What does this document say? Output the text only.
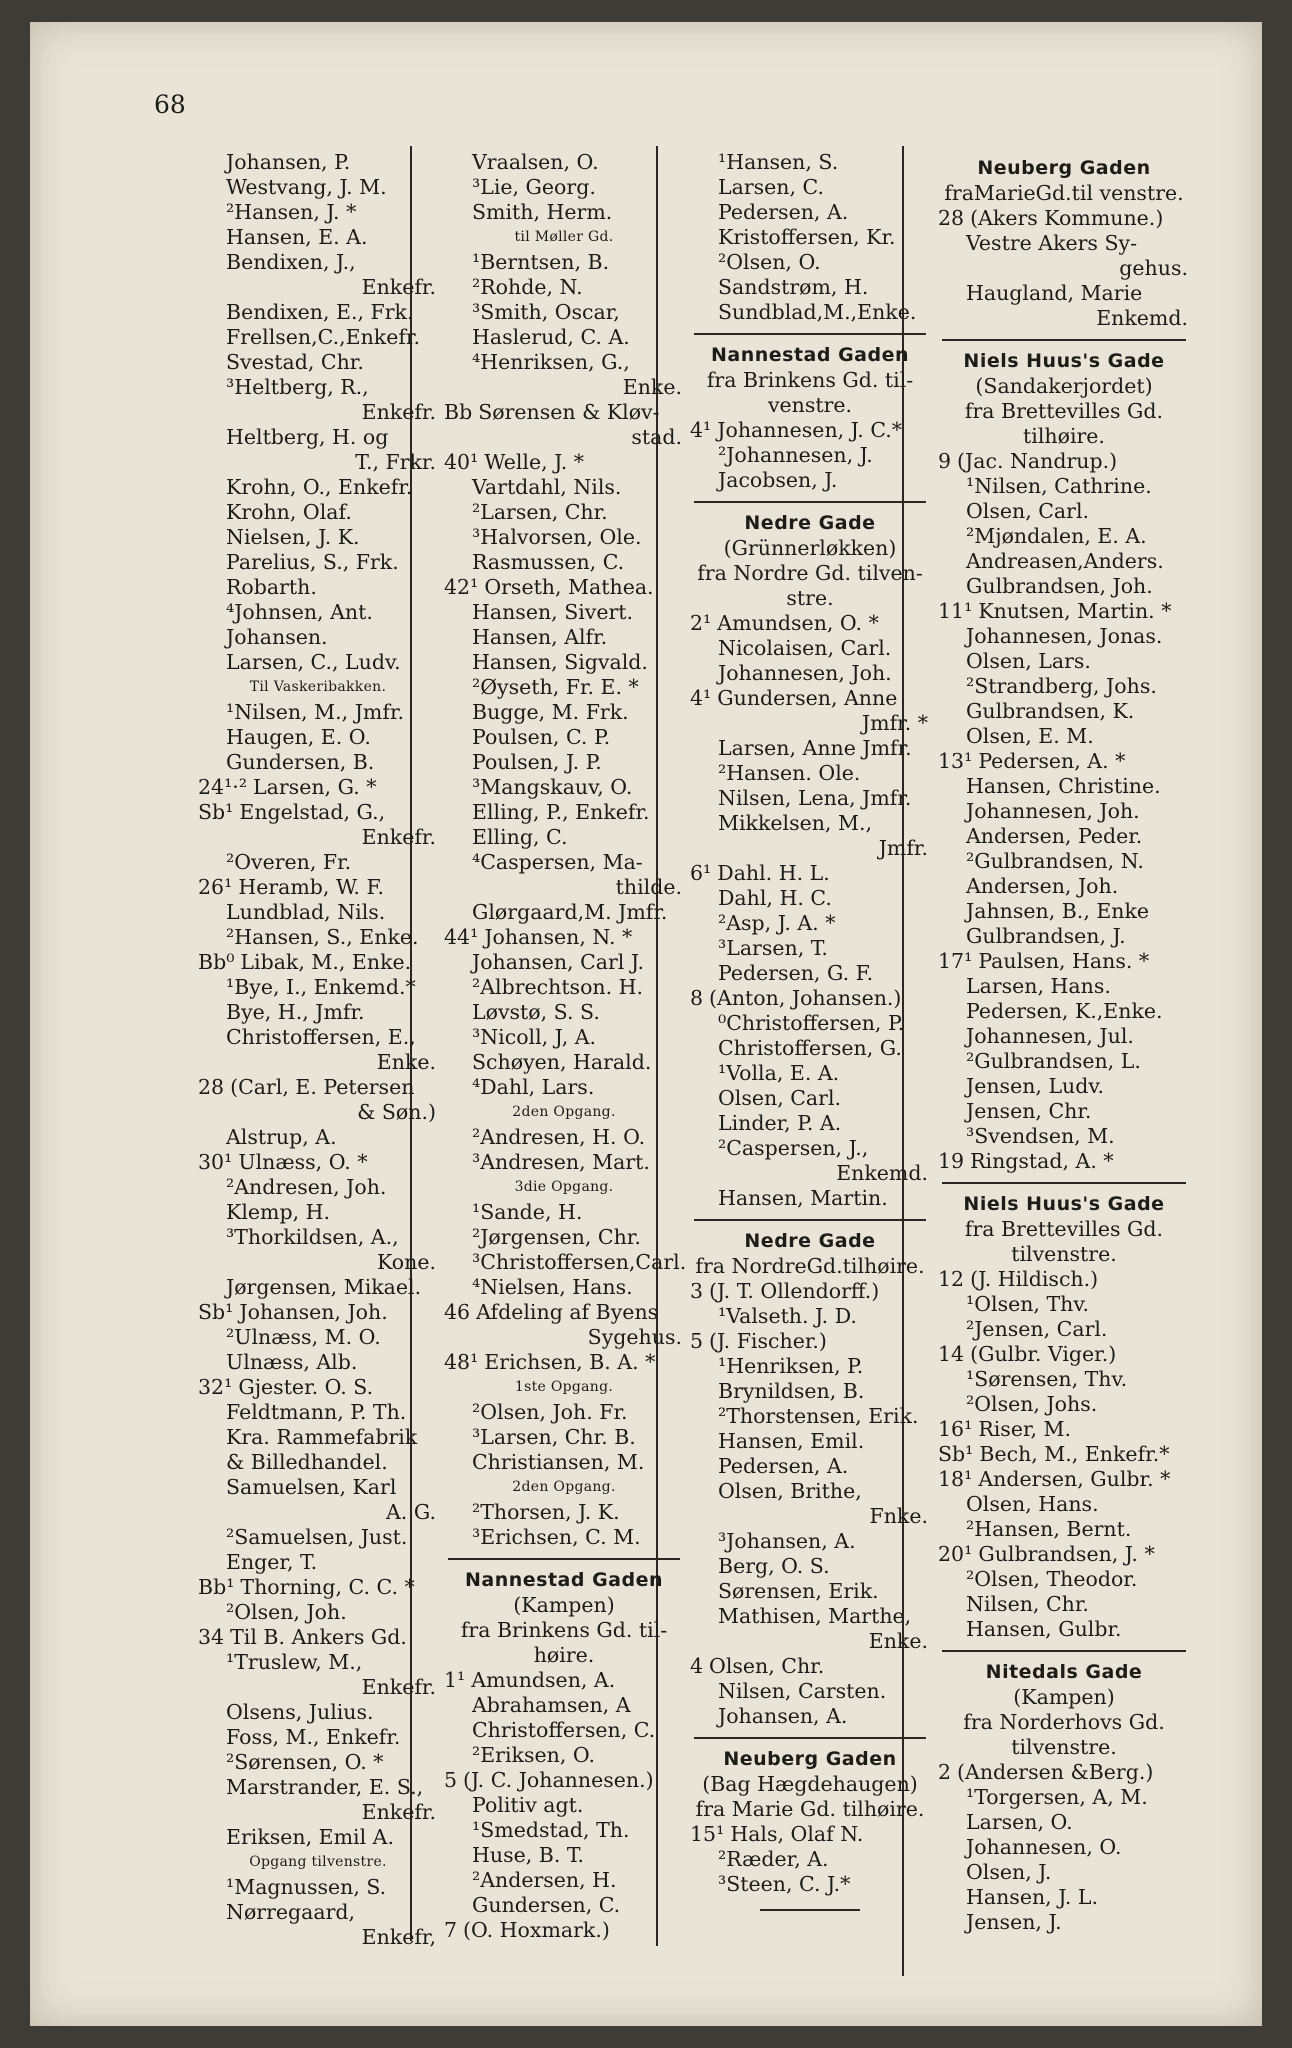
68
Johansen, P.
Westvang, J. M.
²Hansen, J. *
Hansen, E. A.
Bendixen, J.,
Enkefr.
Bendixen, E., Frk.
Frellsen,C.,Enkefr.
Svestad, Chr.
³Heltberg, R.,
Enkefr.
Heltberg, H. og
T., Frkr.
Krohn, O., Enkefr.
Krohn, Olaf.
Nielsen, J. K.
Parelius, S., Frk.
Robarth.
⁴Johnsen, Ant.
Johansen.
Larsen, C., Ludv.
Til Vaskeribakken.
¹Nilsen, M., Jmfr.
Haugen, E. O.
Gundersen, B.
24¹·² Larsen, G. *
Sb¹ Engelstad, G.,
Enkefr.
²Overen, Fr.
26¹ Heramb, W. F.
Lundblad, Nils.
²Hansen, S., Enke.
Bb⁰ Libak, M., Enke.
¹Bye, I., Enkemd.*
Bye, H., Jmfr.
Christoffersen, E.,
Enke.
28 (Carl, E. Petersen
& Søn.)
Alstrup, A.
30¹ Ulnæss, O. *
²Andresen, Joh.
Klemp, H.
³Thorkildsen, A.,
Kone.
Jørgensen, Mikael.
Sb¹ Johansen, Joh.
²Ulnæss, M. O.
Ulnæss, Alb.
32¹ Gjester. O. S.
Feldtmann, P. Th.
Kra. Rammefabrik
& Billedhandel.
Samuelsen, Karl
A. G.
²Samuelsen, Just.
Enger, T.
Bb¹ Thorning, C. C. *
²Olsen, Joh.
34 Til B. Ankers Gd.
¹Truslew, M.,
Enkefr.
Olsens, Julius.
Foss, M., Enkefr.
²Sørensen, O. *
Marstrander, E. S.,
Enkefr.
Eriksen, Emil A.
Opgang tilvenstre.
¹Magnussen, S.
Nørregaard,
Enkefr,
Vraalsen, O.
³Lie, Georg.
Smith, Herm.
til Møller Gd.
¹Berntsen, B.
²Rohde, N.
³Smith, Oscar,
Haslerud, C. A.
⁴Henriksen, G.,
Enke.
Bb Sørensen & Kløv-
stad.
40¹ Welle, J. *
Vartdahl, Nils.
²Larsen, Chr.
³Halvorsen, Ole.
Rasmussen, C.
42¹ Orseth, Mathea.
Hansen, Sivert.
Hansen, Alfr.
Hansen, Sigvald.
²Øyseth, Fr. E. *
Bugge, M. Frk.
Poulsen, C. P.
Poulsen, J. P.
³Mangskauv, O.
Elling, P., Enkefr.
Elling, C.
⁴Caspersen, Ma-
thilde.
Glørgaard,M. Jmfr.
44¹ Johansen, N. *
Johansen, Carl J.
²Albrechtson. H.
Løvstø, S. S.
³Nicoll, J, A.
Schøyen, Harald.
⁴Dahl, Lars.
2den Opgang.
²Andresen, H. O.
³Andresen, Mart.
3die Opgang.
¹Sande, H.
²Jørgensen, Chr.
³Christoffersen,Carl.
⁴Nielsen, Hans.
46 Afdeling af Byens
Sygehus.
48¹ Erichsen, B. A. *
1ste Opgang.
²Olsen, Joh. Fr.
³Larsen, Chr. B.
Christiansen, M.
2den Opgang.
²Thorsen, J. K.
³Erichsen, C. M.
Nannestad Gaden
(Kampen)
fra Brinkens Gd. til-
høire.
1¹ Amundsen, A.
Abrahamsen, A
Christoffersen, C.
²Eriksen, O.
5 (J. C. Johannesen.)
Politiv agt.
¹Smedstad, Th.
Huse, B. T.
²Andersen, H.
Gundersen, C.
7 (O. Hoxmark.)
¹Hansen, S.
Larsen, C.
Pedersen, A.
Kristoffersen, Kr.
²Olsen, O.
Sandstrøm, H.
Sundblad,M.,Enke.
Nannestad Gaden
fra Brinkens Gd. til-
venstre.
4¹ Johannesen, J. C.*
²Johannesen, J.
Jacobsen, J.
Nedre Gade
(Grünnerløkken)
fra Nordre Gd. tilven-
stre.
2¹ Amundsen, O. *
Nicolaisen, Carl.
Johannesen, Joh.
4¹ Gundersen, Anne
Jmfr. *
Larsen, Anne Jmfr.
²Hansen. Ole.
Nilsen, Lena, Jmfr.
Mikkelsen, M.,
Jmfr.
6¹ Dahl. H. L.
Dahl, H. C.
²Asp, J. A. *
³Larsen, T.
Pedersen, G. F.
8 (Anton, Johansen.)
⁰Christoffersen, P.
Christoffersen, G.
¹Volla, E. A.
Olsen, Carl.
Linder, P. A.
²Caspersen, J.,
Enkemd.
Hansen, Martin.
Nedre Gade
fra NordreGd.tilhøire.
3 (J. T. Ollendorff.)
¹Valseth. J. D.
5 (J. Fischer.)
¹Henriksen, P.
Brynildsen, B.
²Thorstensen, Erik.
Hansen, Emil.
Pedersen, A.
Olsen, Brithe,
Fnke.
³Johansen, A.
Berg, O. S.
Sørensen, Erik.
Mathisen, Marthe,
Enke.
4 Olsen, Chr.
Nilsen, Carsten.
Johansen, A.
Neuberg Gaden
(Bag Hægdehaugen)
fra Marie Gd. tilhøire.
15¹ Hals, Olaf N.
²Ræder, A.
³Steen, C. J.*
Neuberg Gaden
fraMarieGd.til venstre.
28 (Akers Kommune.)
Vestre Akers Sy-
gehus.
Haugland, Marie
Enkemd.
Niels Huus's Gade
(Sandakerjordet)
fra Brettevilles Gd.
tilhøire.
9 (Jac. Nandrup.)
¹Nilsen, Cathrine.
Olsen, Carl.
²Mjøndalen, E. A.
Andreasen,Anders.
Gulbrandsen, Joh.
11¹ Knutsen, Martin. *
Johannesen, Jonas.
Olsen, Lars.
²Strandberg, Johs.
Gulbrandsen, K.
Olsen, E. M.
13¹ Pedersen, A. *
Hansen, Christine.
Johannesen, Joh.
Andersen, Peder.
²Gulbrandsen, N.
Andersen, Joh.
Jahnsen, B., Enke
Gulbrandsen, J.
17¹ Paulsen, Hans. *
Larsen, Hans.
Pedersen, K.,Enke.
Johannesen, Jul.
²Gulbrandsen, L.
Jensen, Ludv.
Jensen, Chr.
³Svendsen, M.
19 Ringstad, A. *
Niels Huus's Gade
fra Brettevilles Gd.
tilvenstre.
12 (J. Hildisch.)
¹Olsen, Thv.
²Jensen, Carl.
14 (Gulbr. Viger.)
¹Sørensen, Thv.
²Olsen, Johs.
16¹ Riser, M.
Sb¹ Bech, M., Enkefr.*
18¹ Andersen, Gulbr. *
Olsen, Hans.
²Hansen, Bernt.
20¹ Gulbrandsen, J. *
²Olsen, Theodor.
Nilsen, Chr.
Hansen, Gulbr.
Nitedals Gade
(Kampen)
fra Norderhovs Gd.
tilvenstre.
2 (Andersen &Berg.)
¹Torgersen, A, M.
Larsen, O.
Johannesen, O.
Olsen, J.
Hansen, J. L.
Jensen, J.
